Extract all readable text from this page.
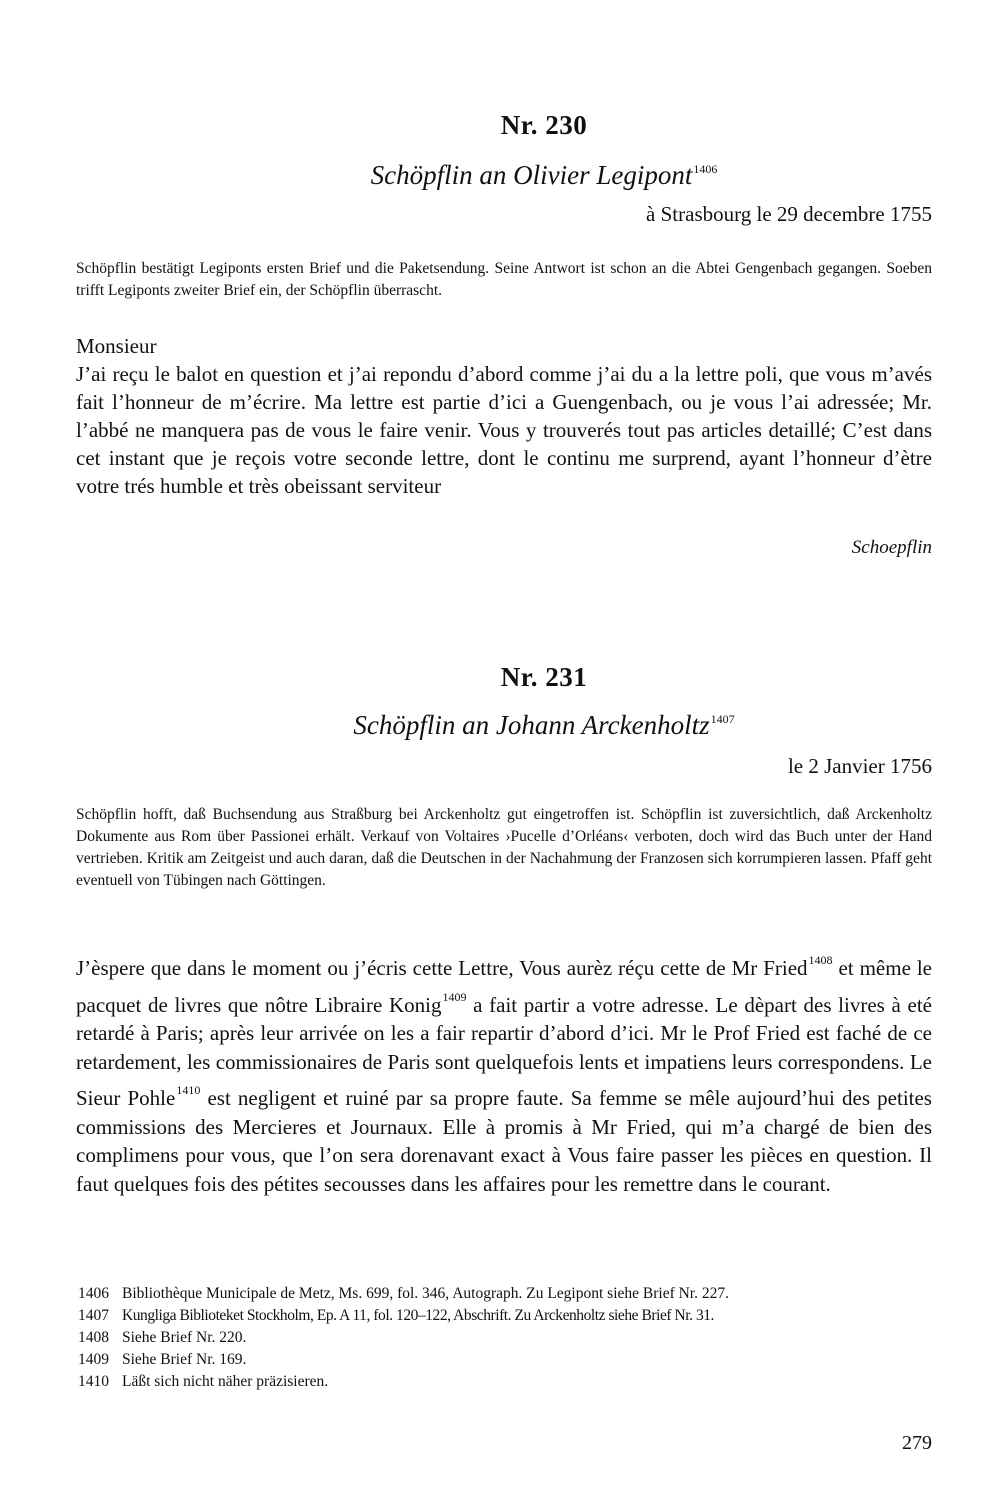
Nr. 230
Schöpflin an Olivier Legipont$^{1406}$
à Strasbourg le 29 decembre 1755
Schöpflin bestätigt Legiponts ersten Brief und die Paketsendung. Seine Antwort ist schon an die Abtei Gengenbach gegangen. Soeben trifft Legiponts zweiter Brief ein, der Schöpflin überrascht.

Monsieur

J’ai reçu le balot en question et j’ai repondu d’abord comme j’ai du a la lettre poli, que vous m’avés fait l’honneur de m’écrire. Ma lettre est partie d’ici a Guengenbach, ou je vous l’ai adressée; Mr. l’abbé ne manquera pas de vous le faire venir. Vous y trouverés tout pas articles detaillé; C’est dans cet instant que je reçois votre seconde lettre, dont le continu me surprend, ayant l’honneur d’ètre votre trés humble et très obeissant serviteur

Schoepflin
Nr. 231
Schöpflin an Johann Arckenholtz$^{1407}$
le 2 Janvier 1756
Schöpflin hofft, daß Buchsendung aus Straßburg bei Arckenholtz gut eingetroffen ist. Schöpflin ist zuversichtlich, daß Arckenholtz Dokumente aus Rom über Passionei erhält. Verkauf von Voltaires ›Pucelle d’Orléans‹ verboten, doch wird das Buch unter der Hand vertrieben. Kritik am Zeitgeist und auch daran, daß die Deutschen in der Nachahmung der Franzosen sich korrumpieren lassen. Pfaff geht eventuell von Tübingen nach Göttingen.

J’èspere que dans le moment ou j’écris cette Lettre, Vous aurèz réçu cette de Mr Fried$^{1408}$ et même le pacquet de livres que nôtre Libraire Konig$^{1409}$ a fait partir a votre adresse. Le dèpart des livres à eté retardé à Paris; après leur arrivée on les a fair repartir d’abord d’ici. Mr le Prof Fried est faché de ce retardement, les commissionaires de Paris sont quelquefois lents et impatiens leurs correspondens. Le Sieur Pohle$^{1410}$ est negligent et ruiné par sa propre faute. Sa femme se mêle aujourd’hui des petites commissions des Mercieres et Journaux. Elle à promis à Mr Fried, qui m’a chargé de bien des complimens pour vous, que l’on sera dorenavant exact à Vous faire passer les pièces en question. Il faut quelques fois des pétites secousses dans les affaires pour les remettre dans le courant.

1406 Bibliothèque Municipale de Metz, Ms. 699, fol. 346, Autograph. Zu Legipont siehe Brief Nr. 227.
1407 Kungliga Biblioteket Stockholm, Ep. A 11, fol. 120–122, Abschrift. Zu Arckenholtz siehe Brief Nr. 31.
1408 Siehe Brief Nr. 220.
1409 Siehe Brief Nr. 169.
1410 Läßt sich nicht näher präzisieren.
279
